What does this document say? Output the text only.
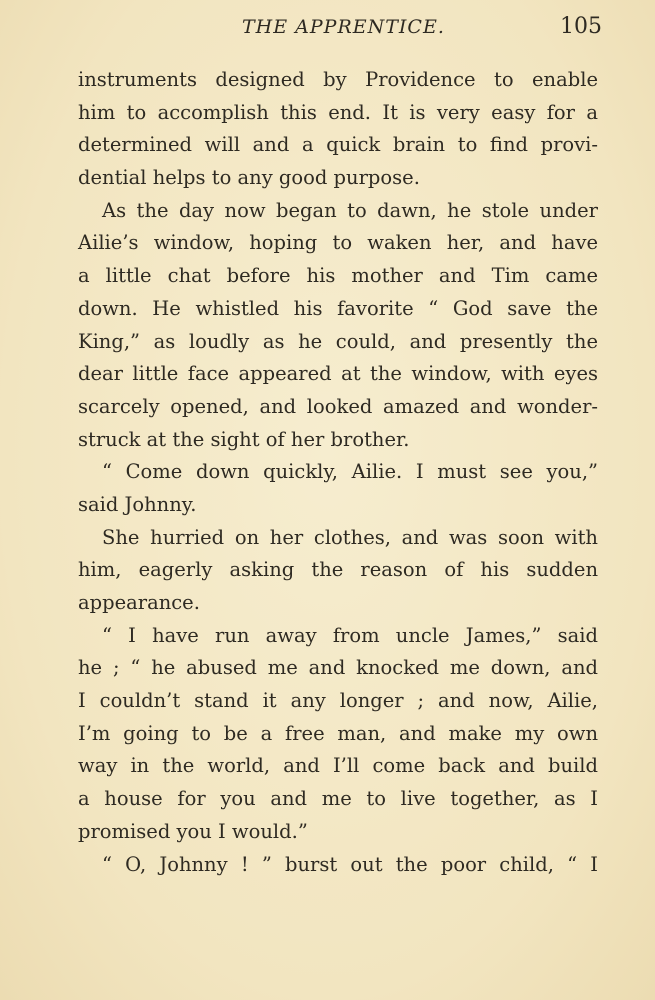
THE APPRENTICE.	105
instruments designed by Providence to enable
him to accomplish this end. It is very easy for a
determined will and a quick brain to find provi-
dential helps to any good purpose.
As the day now began to dawn, he stole under
Ailie’s window, hoping to waken her, and have
a little chat before his mother and Tim came
down. He whistled his favorite “ God save the
King,” as loudly as he could, and presently the
dear little face appeared at the window, with eyes
scarcely opened, and looked amazed and wonder-
struck at the sight of her brother.
“ Come down quickly, Ailie. I must see you,”
said Johnny.
She hurried on her clothes, and was soon with
him, eagerly asking the reason of his sudden
appearance.
“ I have run away from uncle James,” said
he ; “ he abused me and knocked me down, and
I couldn’t stand it any longer ; and now, Ailie,
I’m going to be a free man, and make my own
way in the world, and I’ll come back and build
a house for you and me to live together, as I
promised you I would.”
“ O, Johnny ! ” burst out the poor child, “ I
